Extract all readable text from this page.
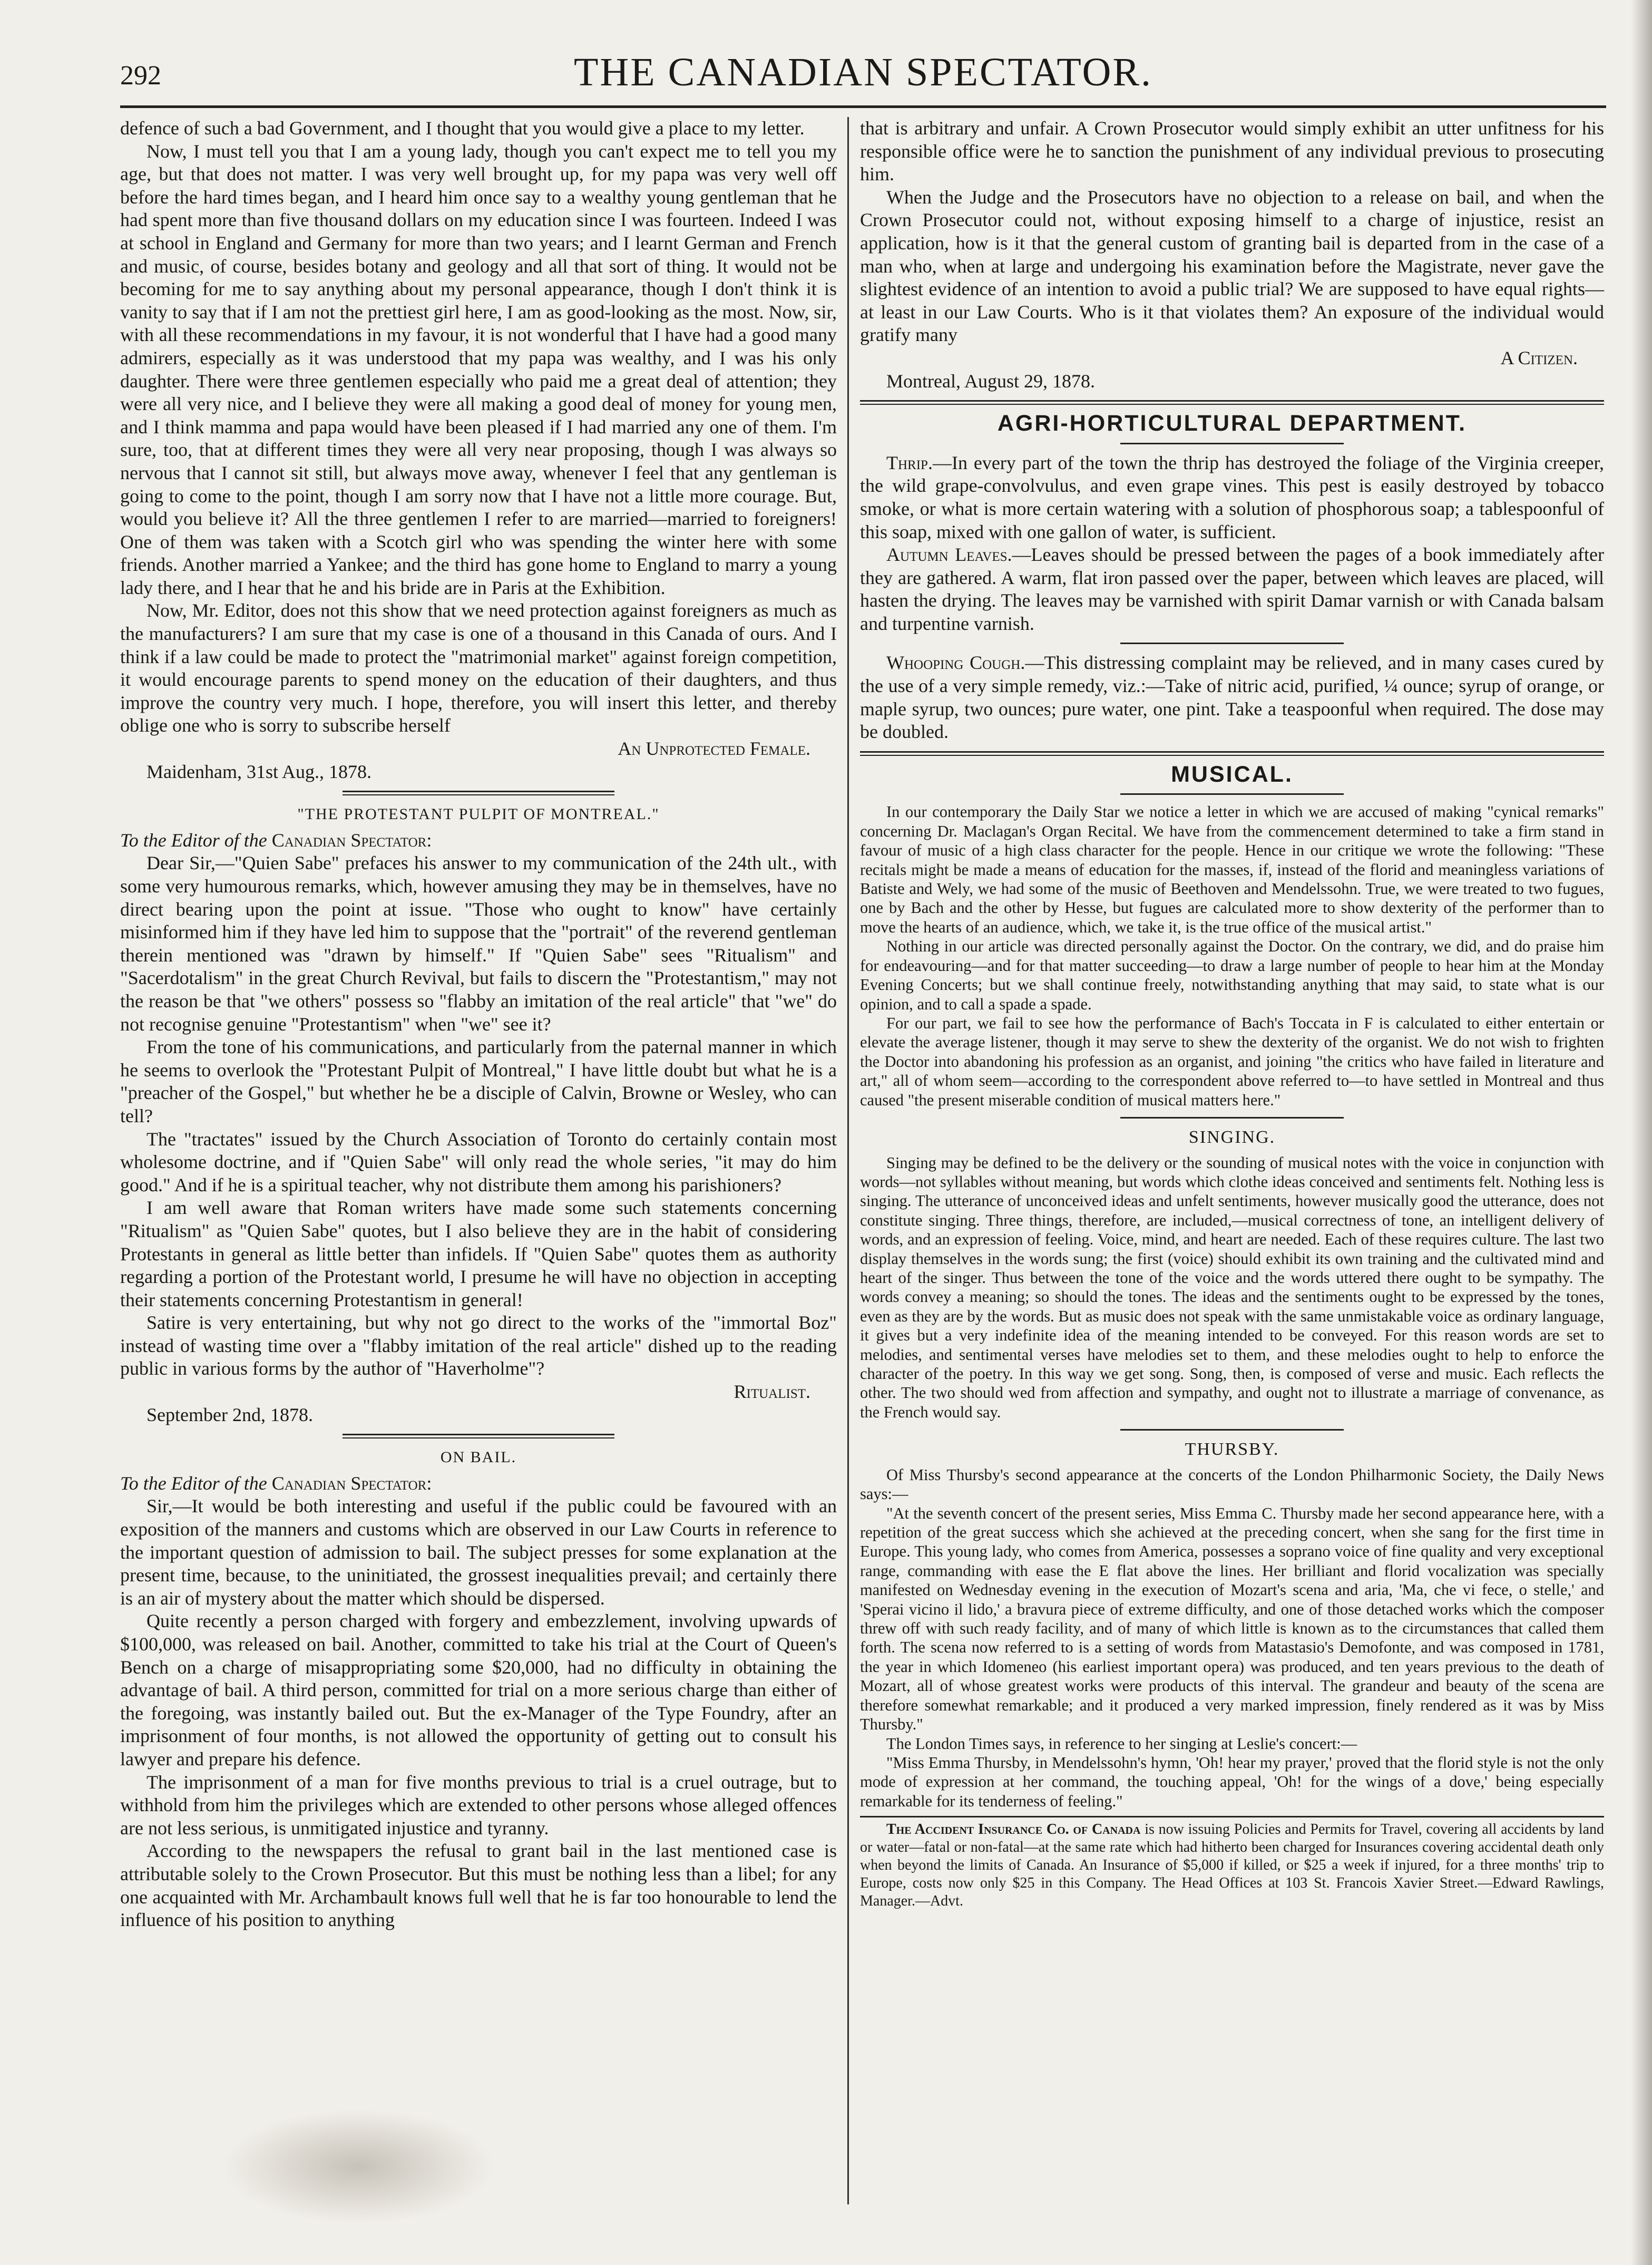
292	THE CANADIAN SPECTATOR.

defence of such a bad Government, and I thought that you would give a place to my letter.

Now, I must tell you that I am a young lady, though you can't expect me to tell you my age, but that does not matter. I was very well brought up, for my papa was very well off before the hard times began, and I heard him once say to a wealthy young gentleman that he had spent more than five thousand dollars on my education since I was fourteen. Indeed I was at school in England and Germany for more than two years; and I learnt German and French and music, of course, besides botany and geology and all that sort of thing. It would not be becoming for me to say anything about my personal appearance, though I don't think it is vanity to say that if I am not the prettiest girl here, I am as good-looking as the most. Now, sir, with all these recommendations in my favour, it is not wonderful that I have had a good many admirers, especially as it was understood that my papa was wealthy, and I was his only daughter. There were three gentlemen especially who paid me a great deal of attention; they were all very nice, and I believe they were all making a good deal of money for young men, and I think mamma and papa would have been pleased if I had married any one of them. I'm sure, too, that at different times they were all very near proposing, though I was always so nervous that I cannot sit still, but always move away, whenever I feel that any gentleman is going to come to the point, though I am sorry now that I have not a little more courage. But, would you believe it? All the three gentlemen I refer to are married—married to foreigners! One of them was taken with a Scotch girl who was spending the winter here with some friends. Another married a Yankee; and the third has gone home to England to marry a young lady there, and I hear that he and his bride are in Paris at the Exhibition.

Now, Mr. Editor, does not this show that we need protection against foreigners as much as the manufacturers? I am sure that my case is one of a thousand in this Canada of ours. And I think if a law could be made to protect the "matrimonial market" against foreign competition, it would encourage parents to spend money on the education of their daughters, and thus improve the country very much. I hope, therefore, you will insert this letter, and thereby oblige one who is sorry to subscribe herself

An Unprotected Female.
Maidenham, 31st Aug., 1878.
"THE PROTESTANT PULPIT OF MONTREAL."

To the Editor of the Canadian Spectator:

Dear Sir,—"Quien Sabe" prefaces his answer to my communication of the 24th ult., with some very humourous remarks, which, however amusing they may be in themselves, have no direct bearing upon the point at issue. "Those who ought to know" have certainly misinformed him if they have led him to suppose that the "portrait" of the reverend gentleman therein mentioned was "drawn by himself." If "Quien Sabe" sees "Ritualism" and "Sacerdotalism" in the great Church Revival, but fails to discern the "Protestantism," may not the reason be that "we others" possess so "flabby an imitation of the real article" that "we" do not recognise genuine "Protestantism" when "we" see it?

From the tone of his communications, and particularly from the paternal manner in which he seems to overlook the "Protestant Pulpit of Montreal," I have little doubt but what he is a "preacher of the Gospel," but whether he be a disciple of Calvin, Browne or Wesley, who can tell?

The "tractates" issued by the Church Association of Toronto do certainly contain most wholesome doctrine, and if "Quien Sabe" will only read the whole series, "it may do him good." And if he is a spiritual teacher, why not distribute them among his parishioners?

I am well aware that Roman writers have made some such statements concerning "Ritualism" as "Quien Sabe" quotes, but I also believe they are in the habit of considering Protestants in general as little better than infidels. If "Quien Sabe" quotes them as authority regarding a portion of the Protestant world, I presume he will have no objection in accepting their statements concerning Protestantism in general!

Satire is very entertaining, but why not go direct to the works of the "immortal Boz" instead of wasting time over a "flabby imitation of the real article" dished up to the reading public in various forms by the author of "Haverholme"?

Ritualist.
September 2nd, 1878.
ON BAIL.

To the Editor of the Canadian Spectator:

Sir,—It would be both interesting and useful if the public could be favoured with an exposition of the manners and customs which are observed in our Law Courts in reference to the important question of admission to bail. The subject presses for some explanation at the present time, because, to the uninitiated, the grossest inequalities prevail; and certainly there is an air of mystery about the matter which should be dispersed.

Quite recently a person charged with forgery and embezzlement, involving upwards of $100,000, was released on bail. Another, committed to take his trial at the Court of Queen's Bench on a charge of misappropriating some $20,000, had no difficulty in obtaining the advantage of bail. A third person, committed for trial on a more serious charge than either of the foregoing, was instantly bailed out. But the ex-Manager of the Type Foundry, after an imprisonment of four months, is not allowed the opportunity of getting out to consult his lawyer and prepare his defence.

The imprisonment of a man for five months previous to trial is a cruel outrage, but to withhold from him the privileges which are extended to other persons whose alleged offences are not less serious, is unmitigated injustice and tyranny.

According to the newspapers the refusal to grant bail in the last mentioned case is attributable solely to the Crown Prosecutor. But this must be nothing less than a libel; for any one acquainted with Mr. Archambault knows full well that he is far too honourable to lend the influence of his position to anything

that is arbitrary and unfair. A Crown Prosecutor would simply exhibit an utter unfitness for his responsible office were he to sanction the punishment of any individual previous to prosecuting him.

When the Judge and the Prosecutors have no objection to a release on bail, and when the Crown Prosecutor could not, without exposing himself to a charge of injustice, resist an application, how is it that the general custom of granting bail is departed from in the case of a man who, when at large and undergoing his examination before the Magistrate, never gave the slightest evidence of an intention to avoid a public trial? We are supposed to have equal rights—at least in our Law Courts. Who is it that violates them? An exposure of the individual would gratify many

A Citizen.
Montreal, August 29, 1878.
AGRI-HORTICULTURAL DEPARTMENT.

Thrip.—In every part of the town the thrip has destroyed the foliage of the Virginia creeper, the wild grape-convolvulus, and even grape vines. This pest is easily destroyed by tobacco smoke, or what is more certain watering with a solution of phosphorous soap; a tablespoonful of this soap, mixed with one gallon of water, is sufficient.

Autumn Leaves.—Leaves should be pressed between the pages of a book immediately after they are gathered. A warm, flat iron passed over the paper, between which leaves are placed, will hasten the drying. The leaves may be varnished with spirit Damar varnish or with Canada balsam and turpentine varnish.

Whooping Cough.—This distressing complaint may be relieved, and in many cases cured by the use of a very simple remedy, viz.:—Take of nitric acid, purified, ¼ ounce; syrup of orange, or maple syrup, two ounces; pure water, one pint. Take a teaspoonful when required. The dose may be doubled.

MUSICAL.

In our contemporary the Daily Star we notice a letter in which we are accused of making "cynical remarks" concerning Dr. Maclagan's Organ Recital. We have from the commencement determined to take a firm stand in favour of music of a high class character for the people. Hence in our critique we wrote the following: "These recitals might be made a means of education for the masses, if, instead of the florid and meaningless variations of Batiste and Wely, we had some of the music of Beethoven and Mendelssohn. True, we were treated to two fugues, one by Bach and the other by Hesse, but fugues are calculated more to show dexterity of the performer than to move the hearts of an audience, which, we take it, is the true office of the musical artist."

Nothing in our article was directed personally against the Doctor. On the contrary, we did, and do praise him for endeavouring—and for that matter succeeding—to draw a large number of people to hear him at the Monday Evening Concerts; but we shall continue freely, notwithstanding anything that may said, to state what is our opinion, and to call a spade a spade.

For our part, we fail to see how the performance of Bach's Toccata in F is calculated to either entertain or elevate the average listener, though it may serve to shew the dexterity of the organist. We do not wish to frighten the Doctor into abandoning his profession as an organist, and joining "the critics who have failed in literature and art," all of whom seem—according to the correspondent above referred to—to have settled in Montreal and thus caused "the present miserable condition of musical matters here."

SINGING.

Singing may be defined to be the delivery or the sounding of musical notes with the voice in conjunction with words—not syllables without meaning, but words which clothe ideas conceived and sentiments felt. Nothing less is singing. The utterance of unconceived ideas and unfelt sentiments, however musically good the utterance, does not constitute singing. Three things, therefore, are included,—musical correctness of tone, an intelligent delivery of words, and an expression of feeling. Voice, mind, and heart are needed. Each of these requires culture. The last two display themselves in the words sung; the first (voice) should exhibit its own training and the cultivated mind and heart of the singer. Thus between the tone of the voice and the words uttered there ought to be sympathy. The words convey a meaning; so should the tones. The ideas and the sentiments ought to be expressed by the tones, even as they are by the words. But as music does not speak with the same unmistakable voice as ordinary language, it gives but a very indefinite idea of the meaning intended to be conveyed. For this reason words are set to melodies, and sentimental verses have melodies set to them, and these melodies ought to help to enforce the character of the poetry. In this way we get song. Song, then, is composed of verse and music. Each reflects the other. The two should wed from affection and sympathy, and ought not to illustrate a marriage of convenance, as the French would say.

THURSBY.

Of Miss Thursby's second appearance at the concerts of the London Philharmonic Society, the Daily News says:—

"At the seventh concert of the present series, Miss Emma C. Thursby made her second appearance here, with a repetition of the great success which she achieved at the preceding concert, when she sang for the first time in Europe. This young lady, who comes from America, possesses a soprano voice of fine quality and very exceptional range, commanding with ease the E flat above the lines. Her brilliant and florid vocalization was specially manifested on Wednesday evening in the execution of Mozart's scena and aria, 'Ma, che vi fece, o stelle,' and 'Sperai vicino il lido,' a bravura piece of extreme difficulty, and one of those detached works which the composer threw off with such ready facility, and of many of which little is known as to the circumstances that called them forth. The scena now referred to is a setting of words from Matastasio's Demofonte, and was composed in 1781, the year in which Idomeneo (his earliest important opera) was produced, and ten years previous to the death of Mozart, all of whose greatest works were products of this interval. The grandeur and beauty of the scena are therefore somewhat remarkable; and it produced a very marked impression, finely rendered as it was by Miss Thursby."

The London Times says, in reference to her singing at Leslie's concert:—

"Miss Emma Thursby, in Mendelssohn's hymn, 'Oh! hear my prayer,' proved that the florid style is not the only mode of expression at her command, the touching appeal, 'Oh! for the wings of a dove,' being especially remarkable for its tenderness of feeling."

The Accident Insurance Co. of Canada is now issuing Policies and Permits for Travel, covering all accidents by land or water—fatal or non-fatal—at the same rate which had hitherto been charged for Insurances covering accidental death only when beyond the limits of Canada. An Insurance of $5,000 if killed, or $25 a week if injured, for a three months' trip to Europe, costs now only $25 in this Company. The Head Offices at 103 St. Francois Xavier Street.—Edward Rawlings, Manager.—Advt.
